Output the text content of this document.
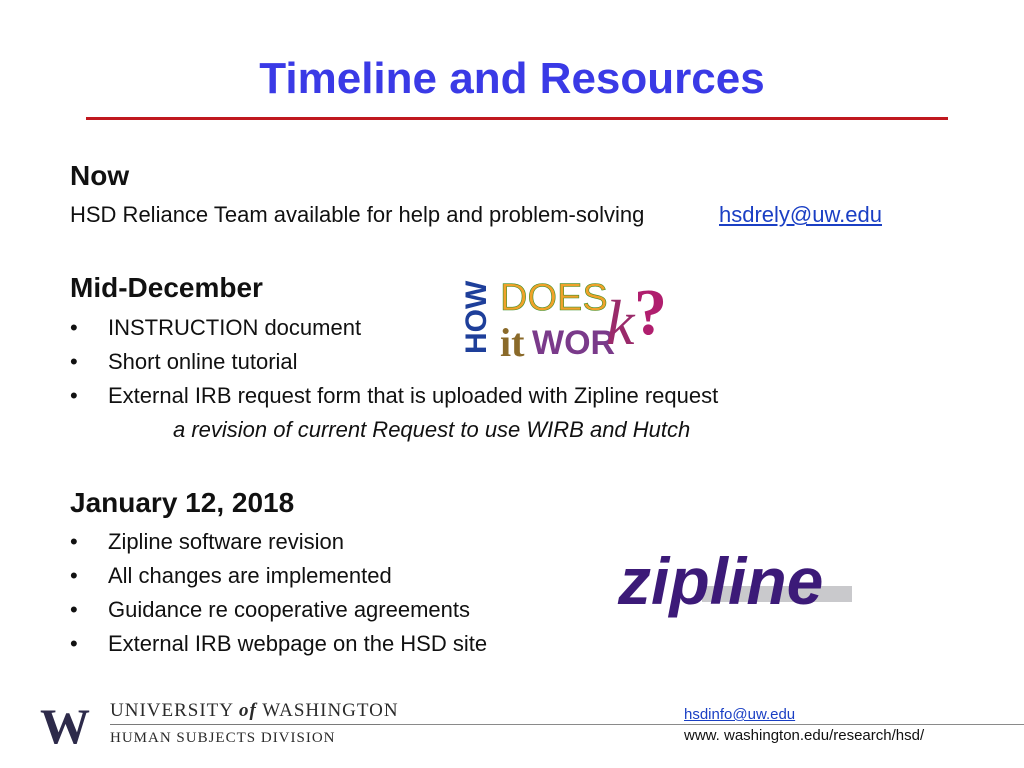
Timeline and Resources
Now
HSD Reliance Team available for help and problem-solving	hsdrely@uw.edu
Mid-December
• INSTRUCTION document
• Short online tutorial
• External IRB request form that is uploaded with Zipline request
a revision of current Request to use WIRB and Hutch
HOW DOES
it WOR
k ?
January 12, 2018
• Zipline software revision
• All changes are implemented
• Guidance re cooperative agreements
• External IRB webpage on the HSD site
zipline
W UNIVERSITY of WASHINGTON
HUMAN SUBJECTS DIVISION
hsdinfo@uw.edu
www. washington.edu/research/hsd/
